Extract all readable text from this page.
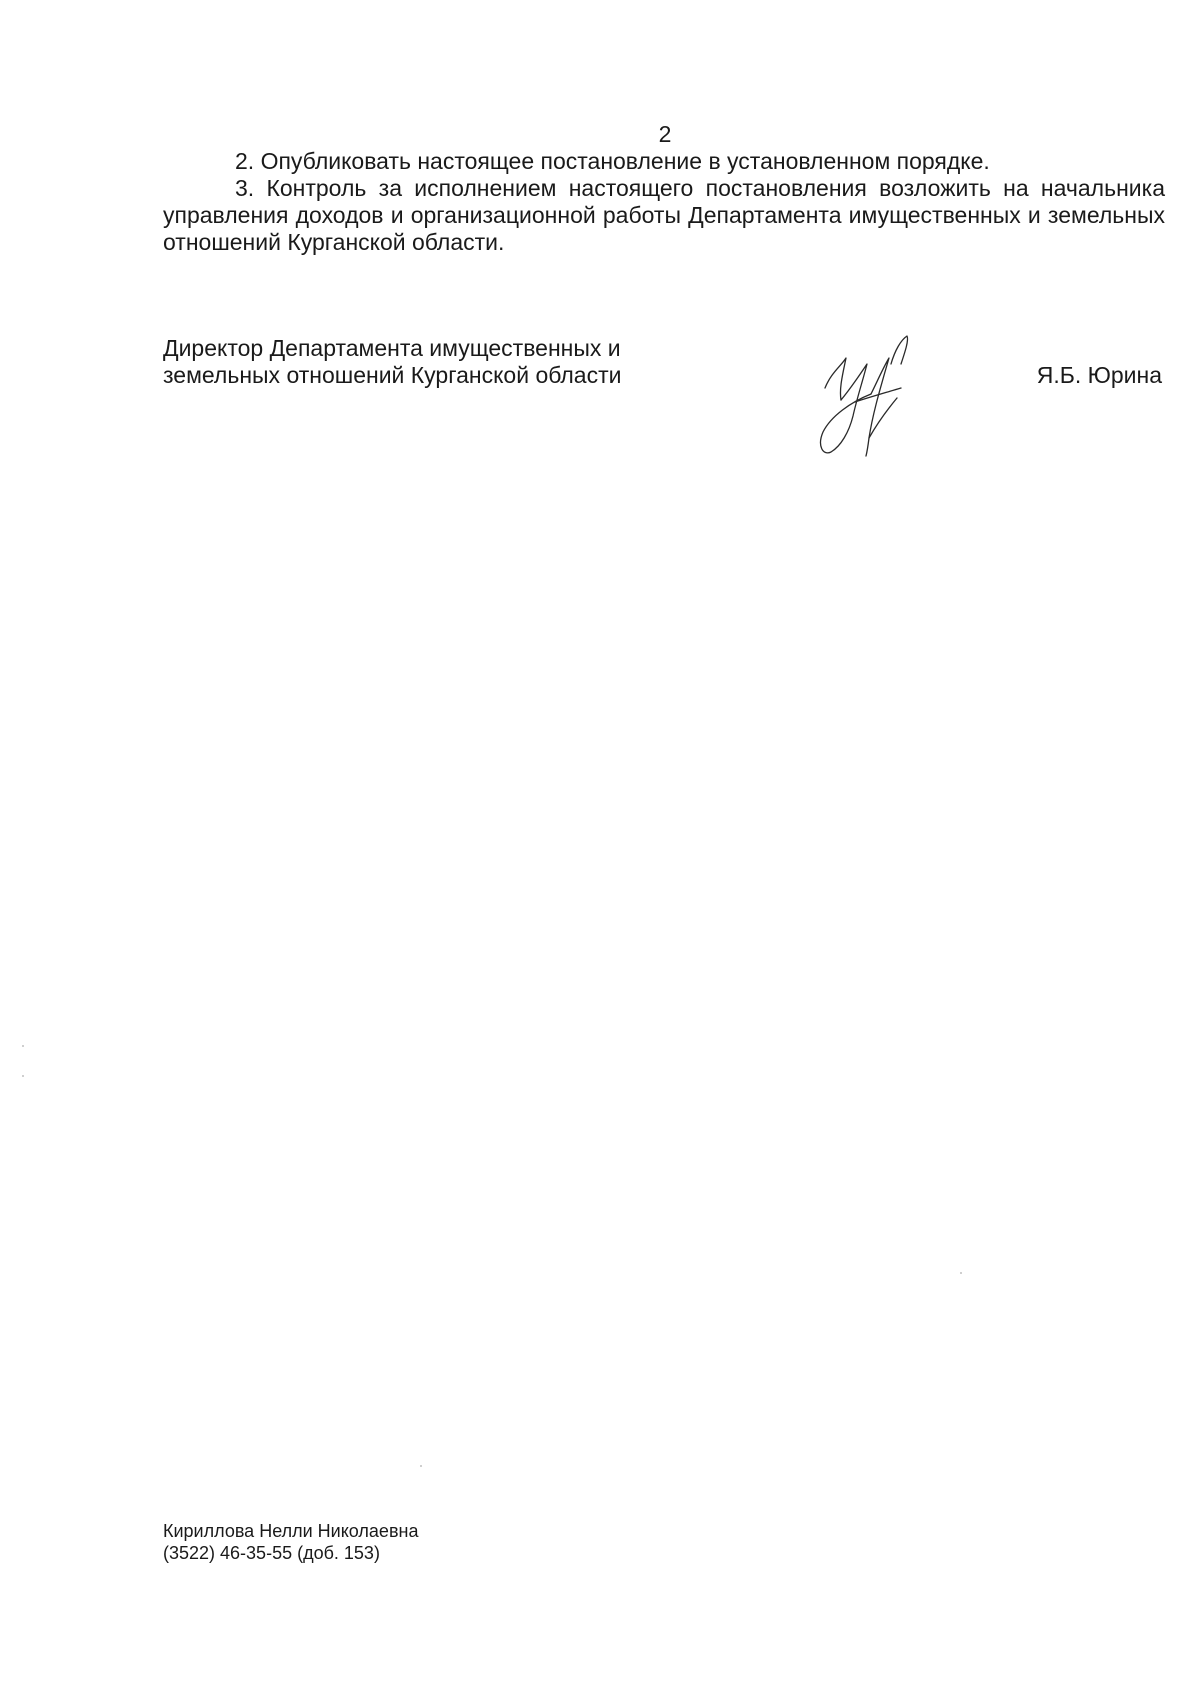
2
2. Опубликовать настоящее постановление в установленном порядке.
3. Контроль за исполнением настоящего постановления возложить на начальника управления доходов и организационной работы Департамента имущественных и земельных отношений Курганской области.
Директор Департамента имущественных и
земельных отношений Курганской области	Я.Б. Юрина
Кириллова Нелли Николаевна
(3522) 46-35-55 (доб. 153)
